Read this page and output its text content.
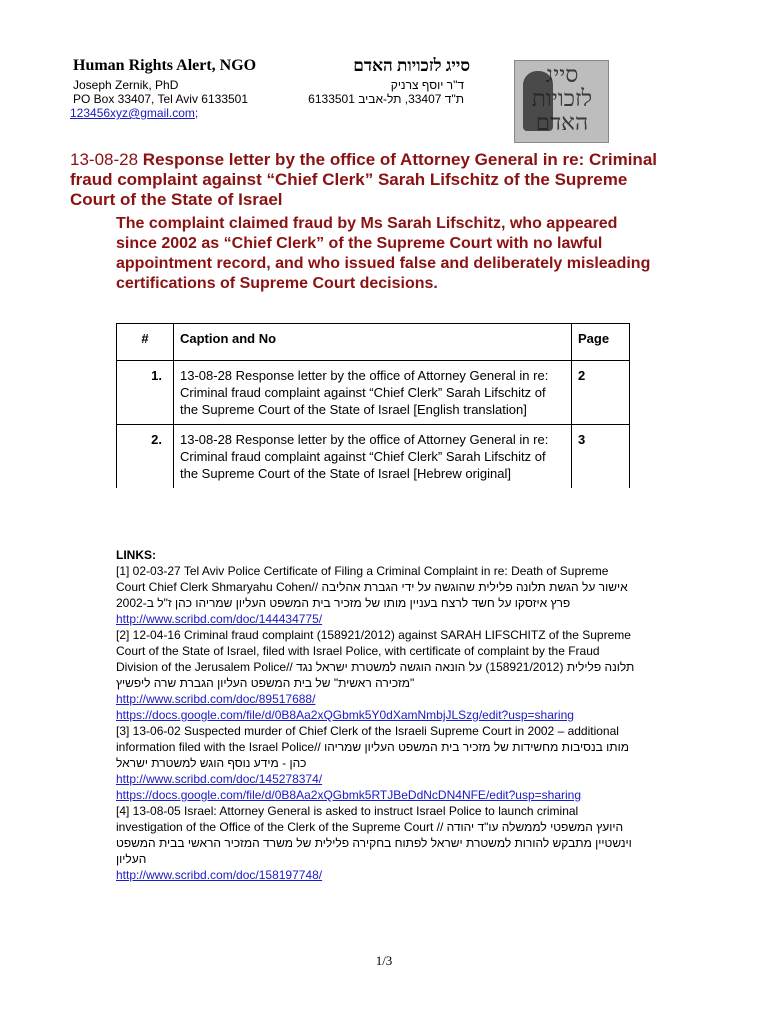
Human Rights Alert, NGO	סייג לזכויות האדם
Joseph Zernik, PhD	ד"ר יוסף צרניק
PO Box 33407, Tel Aviv 6133501	ת"ד 33407, תל-אביב 6133501
123456xyz@gmail.com;
סייג לזכויות האדם
13-08-28 Response letter by the office of Attorney General in re: Criminal fraud complaint against “Chief Clerk” Sarah Lifschitz of the Supreme Court of the State of Israel
The complaint claimed fraud by Ms Sarah Lifschitz, who appeared since 2002 as “Chief Clerk” of the Supreme Court with no lawful appointment record, and who issued false and deliberately misleading certifications of Supreme Court decisions.
#	Caption and No	Page
1.	13-08-28 Response letter by the office of Attorney General in re: Criminal fraud complaint against “Chief Clerk” Sarah Lifschitz of the Supreme Court of the State of Israel [English translation]	2
2.	13-08-28 Response letter by the office of Attorney General in re: Criminal fraud complaint against “Chief Clerk” Sarah Lifschitz of the Supreme Court of the State of Israel [Hebrew original]	3
LINKS:

[1] 02-03-27 Tel Aviv Police Certificate of Filing a Criminal Complaint in re: Death of Supreme Court Chief Clerk Shmaryahu Cohen// אישור על הגשת תלונה פלילית שהוגשה על ידי הגברת אהליבה פרץ איזסקו על חשד לרצח בעניין מותו של מזכיר בית המשפט העליון שמריהו כהן ז"ל ב-2002

http://www.scribd.com/doc/144434775/

[2] 12-04-16 Criminal fraud complaint (158921/2012) against SARAH LIFSCHITZ of the Supreme Court of the State of Israel, filed with Israel Police, with certificate of complaint by the Fraud Division of the Jerusalem Police// תלונה פלילית (158921/2012) על הונאה הוגשה למשטרת ישראל נגד "מזכירה ראשית" של בית המשפט העליון הגברת שרה ליפשיץ

http://www.scribd.com/doc/89517688/

https://docs.google.com/file/d/0B8Aa2xQGbmk5Y0dXamNmbjJLSzg/edit?usp=sharing

[3] 13-06-02 Suspected murder of Chief Clerk of the Israeli Supreme Court in 2002 – additional information filed with the Israel Police// מותו בנסיבות מחשידות של מזכיר בית המשפט העליון שמריהו כהן - מידע נוסף הוגש למשטרת ישראל

http://www.scribd.com/doc/145278374/

https://docs.google.com/file/d/0B8Aa2xQGbmk5RTJBeDdNcDN4NFE/edit?usp=sharing

[4] 13-08-05 Israel: Attorney General is asked to instruct Israel Police to launch criminal investigation of the Office of the Clerk of the Supreme Court // היועץ המשפטי לממשלה עו"ד יהודה וינשטיין מתבקש להורות למשטרת ישראל לפתוח בחקירה פלילית של משרד המזכיר הראשי בבית המשפט העליון

http://www.scribd.com/doc/158197748/

1/3
